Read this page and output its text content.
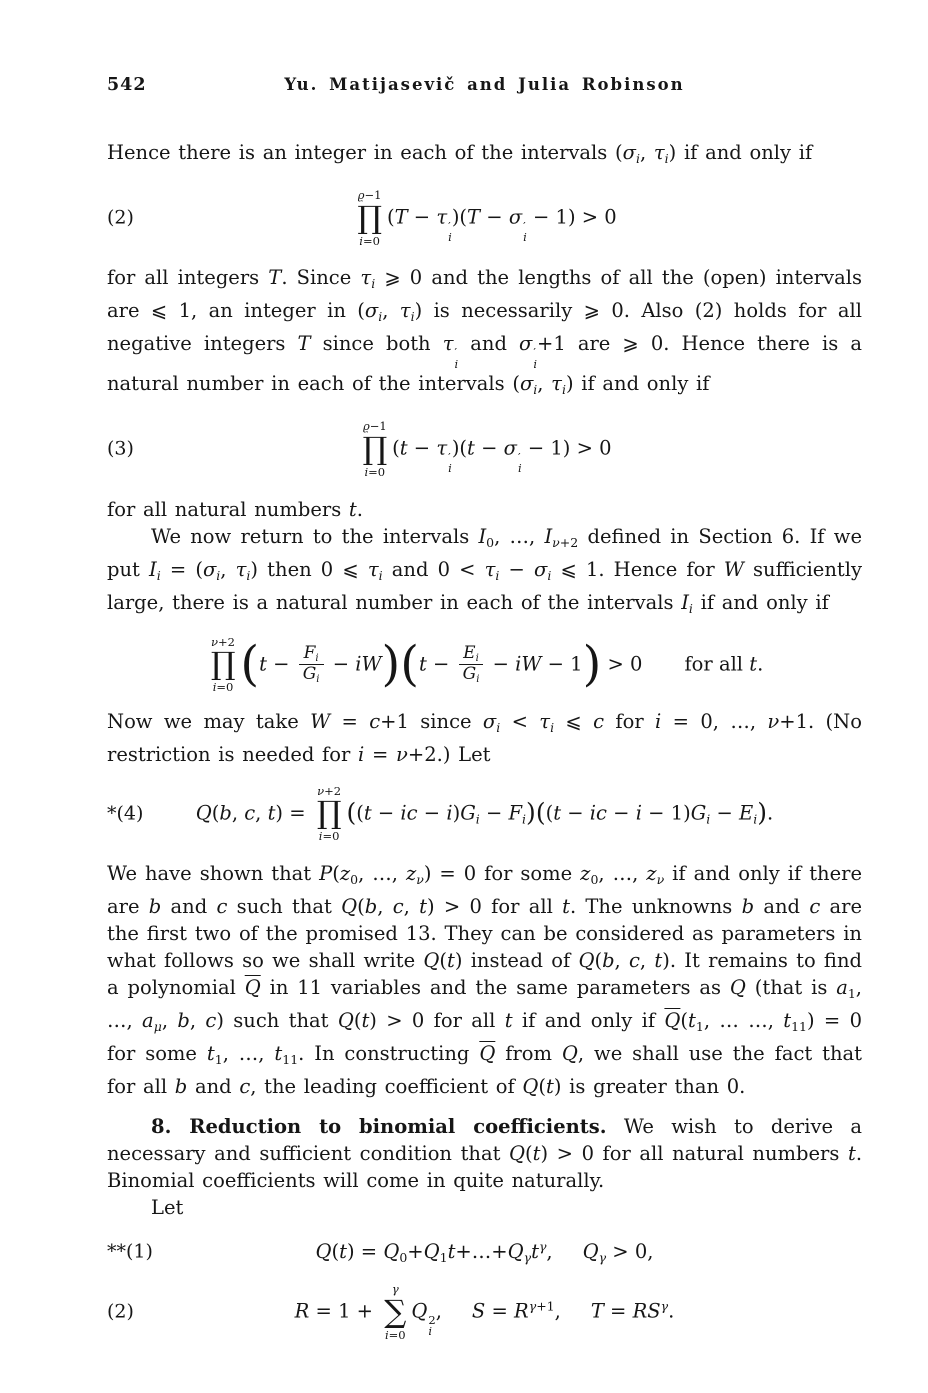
542	Yu. Matijasevič and Julia Robinson

Hence there is an integer in each of the intervals ($\sigma_i$, $\tau_i$) if and only if

(2)
ϱ−1
∏
i=0
(T − τ ′
i
)(T − σ ′
i
− 1) > 0

for all integers T. Since $\tau_i$ ⩾ 0 and the lengths of all the (open) intervals are ⩽ 1, an integer in ($\sigma_i$, $\tau_i$) is necessarily ⩾ 0. Also (2) holds for all negative integers T since both τ ′
i
and σ ′
i
+1 are ⩾ 0. Hence there is a natural number in each of the intervals ($\sigma_i$, $\tau_i$) if and only if

(3)
ϱ−1
∏
i=0
(t − τ ′
i
)(t − σ ′
i
− 1) > 0

for all natural numbers t.

We now return to the intervals $I_0$, …, $I_{\nu+2}$ defined in Section 6. If we put $I_i = (\sigma_i$, $\tau_i$) then 0 ⩽ $\tau_i$ and $0 < \tau_i - \sigma_i$ ⩽ 1. Hence for W sufficiently large, there is a natural number in each of the intervals $I_i$ if and only if

ν+2
∏
i=0 $(t - \frac{F_i}{G_i} - iW)(t - \frac{E_i}{G_i}$ − iW − 1) > 0 for all t.

Now we may take W = c+1 since $\sigma_i < \tau_i$ ⩽ c for i = 0, …, ν+1. (No restriction is needed for i = ν+2.) Let

*(4)	Q(b, c, t) =
ν+2
∏
i=0
((t − ic − $i)G_i - F_i)((t$ − ic − $i - 1)G_i - E_i$).

We have shown that $P(z_0$, …, $z_\nu) = 0$ for some $z_0$, …, $z_\nu$ if and only if there are b and c such that Q(b, c, t) > 0 for all t. The unknowns b and c are the first two of the promised 13. They can be considered as parameters in what follows so we shall write Q(t) instead of Q(b, c, t). It remains to find a polynomial $\overline{Q}$ in 11 variables and the same parameters as Q (that is $a_1$, …, $a_\mu$, b, c) such that Q(t) > 0 for all t if and only if $\overline{Q}(t_1$, … …, $t_{11}) = 0$ for some $t_1$, …, $t_{11}$. In constructing $\overline{Q}$ from Q, we shall use the fact that for all b and c, the leading coefficient of Q(t) is greater than 0.

8. Reduction to binomial coefficients. We wish to derive a necessary and sufficient condition that Q(t) > 0 for all natural numbers t. Binomial coefficients will come in quite naturally.

Let

**(1)	$Q(t) = Q_0+Q_1t+\dots+Q_\gamma t^\gamma$, $Q_\gamma > 0$,
(2)	R = 1 +
γ
∑
i=0
Q 2
i
, $S = R^{\gamma+1}$, $T = RS^\gamma$.
